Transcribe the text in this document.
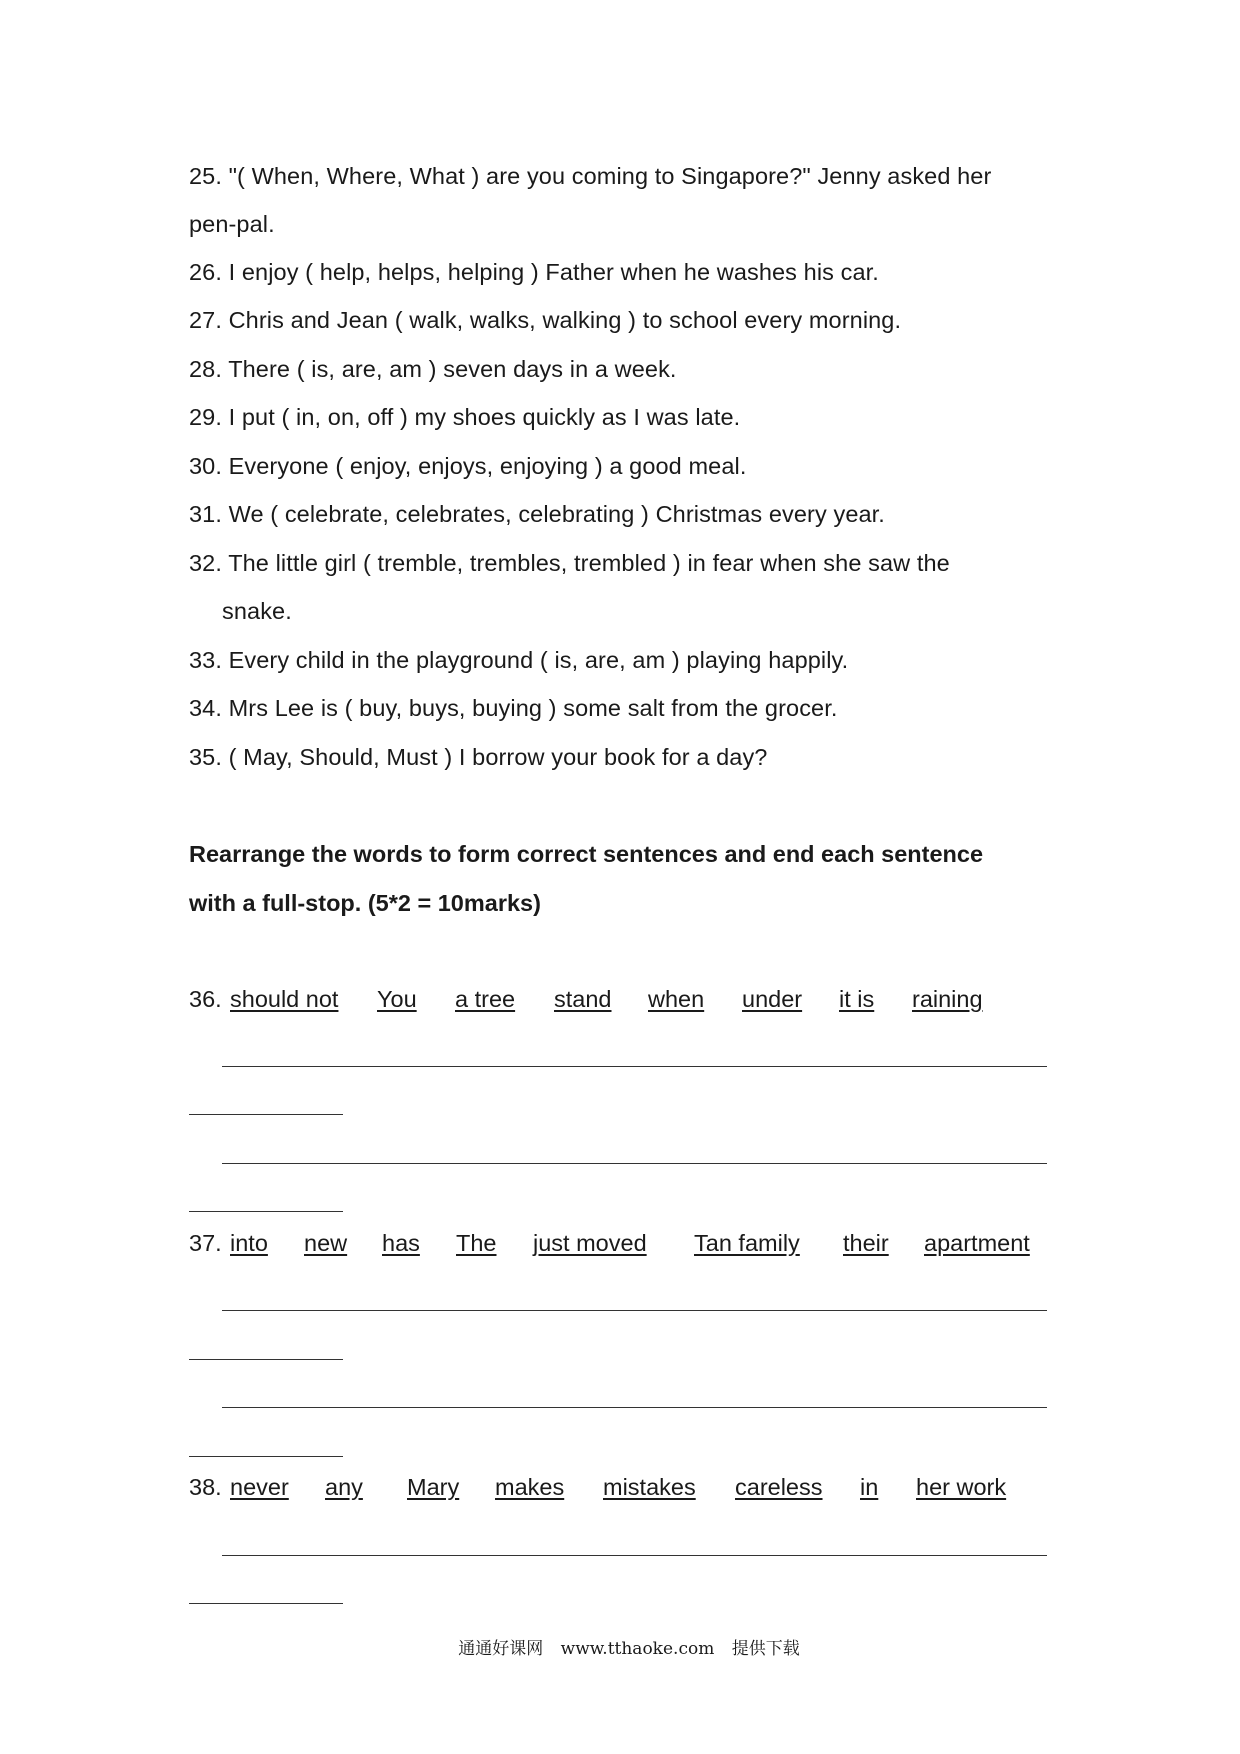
25. "( When, Where, What ) are you coming to Singapore?" Jenny asked her
pen-pal.
26. I enjoy ( help, helps, helping ) Father when he washes his car.
27. Chris and Jean ( walk, walks, walking ) to school every morning.
28. There ( is, are, am ) seven days in a week.
29. I put ( in, on, off ) my shoes quickly as I was late.
30. Everyone ( enjoy, enjoys, enjoying ) a good meal.
31. We ( celebrate, celebrates, celebrating ) Christmas every year.
32. The little girl ( tremble, trembles, trembled ) in fear when she saw the
snake.
33. Every child in the playground ( is, are, am ) playing happily.
34. Mrs Lee is ( buy, buys, buying ) some salt from the grocer.
35. ( May, Should, Must ) I borrow your book for a day?
Rearrange the words to form correct sentences and end each sentence
with a full-stop. (5*2 = 10marks)
36. should not You a tree stand when under it is raining
37. into new has The just moved Tan family their apartment
38. never any Mary makes mistakes careless in her work
通通好课网 www.tthaoke.com 提供下载
